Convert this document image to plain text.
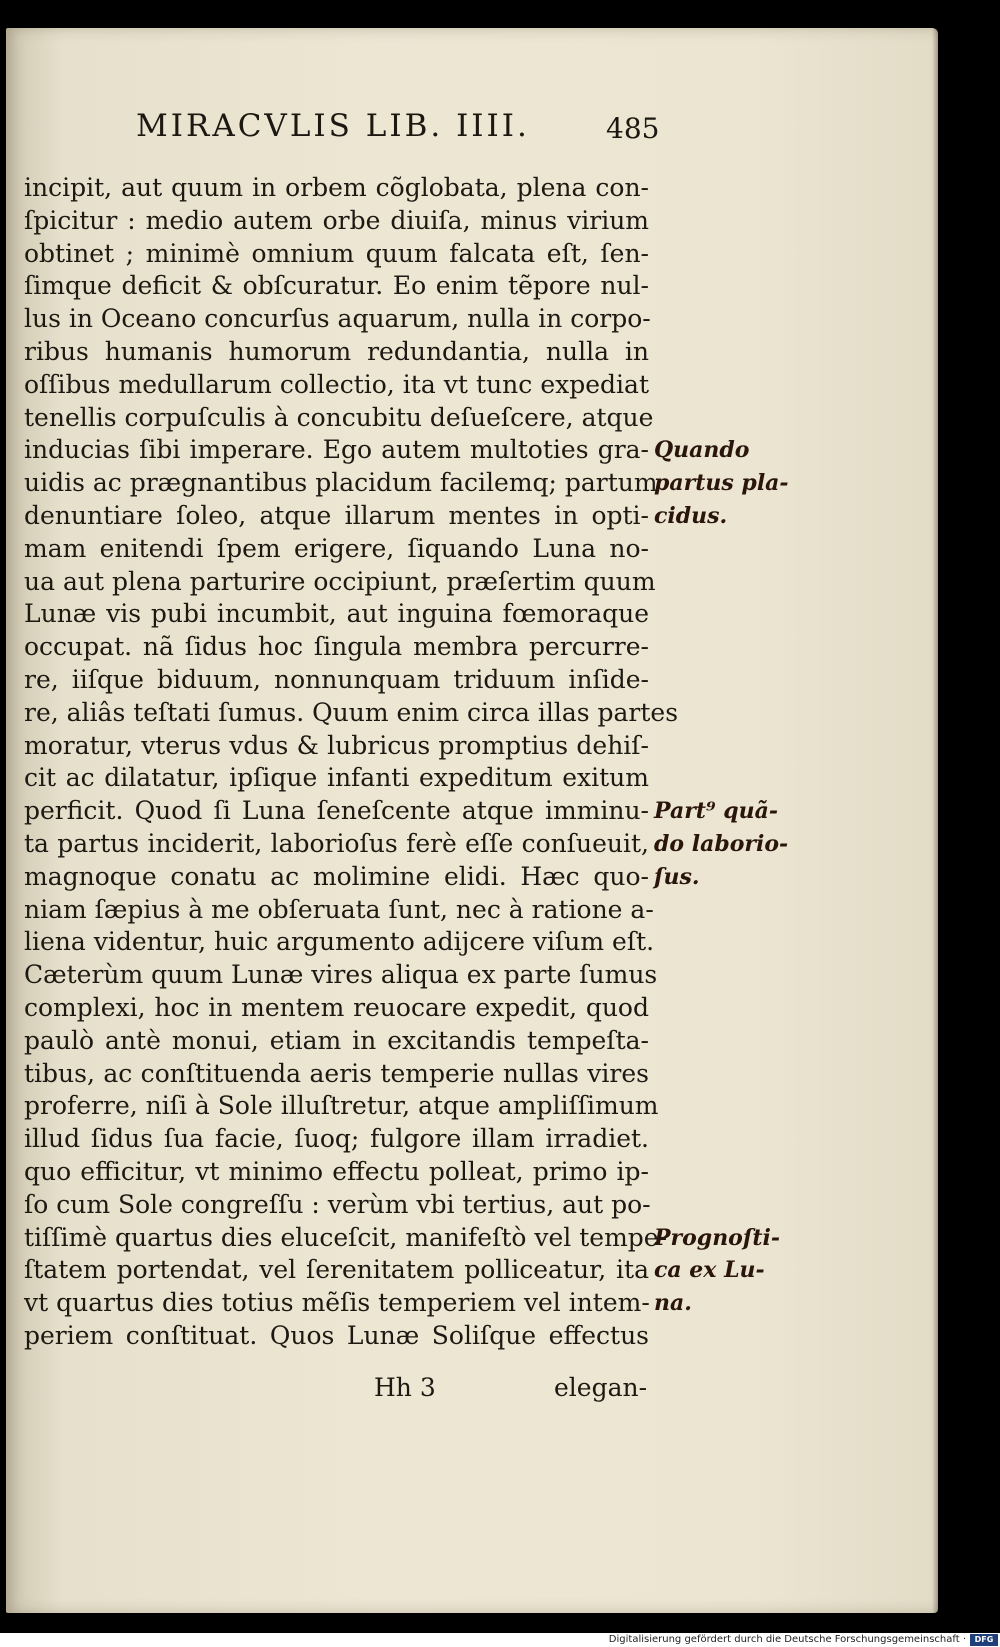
MIRACVLIS LIB. IIII.	485
incipit, aut quum in orbem cõglobata, plena con-
ſpicitur : medio autem orbe diuiſa, minus virium
obtinet ; minimè omnium quum falcata eſt, ſen-
ſimque deficit & obſcuratur. Eo enim tẽpore nul-
lus in Oceano concurſus aquarum, nulla in corpo-
ribus humanis humorum redundantia, nulla in
oſſibus medullarum collectio, ita vt tunc expediat
tenellis corpuſculis à concubitu deſueſcere, atque
inducias ſibi imperare. Ego autem multoties gra-
uidis ac prægnantibus placidum facilemq; partum
denuntiare ſoleo, atque illarum mentes in opti-
mam enitendi ſpem erigere, ſiquando Luna no-
ua aut plena parturire occipiunt, præſertim quum
Lunæ vis pubi incumbit, aut inguina fœmoraque
occupat. nã ſidus hoc ſingula membra percurre-
re, iiſque biduum, nonnunquam triduum inſide-
re, aliâs teſtati ſumus. Quum enim circa illas partes
moratur, vterus vdus & lubricus promptius dehiſ-
cit ac dilatatur, ipſique infanti expeditum exitum
perficit. Quod ſi Luna ſeneſcente atque imminu-
ta partus inciderit, laborioſus ferè eſſe conſueuit,
magnoque conatu ac molimine elidi. Hæc quo-
niam ſæpius à me obſeruata ſunt, nec à ratione a-
liena videntur, huic argumento adijcere viſum eſt.
Cæterùm quum Lunæ vires aliqua ex parte ſumus
complexi, hoc in mentem reuocare expedit, quod
paulò antè monui, etiam in excitandis tempeſta-
tibus, ac conſtituenda aeris temperie nullas vires
proferre, niſi à Sole illuſtretur, atque ampliſſimum
illud ſidus ſua facie, ſuoq; fulgore illam irradiet.
quo efficitur, vt minimo effectu polleat, primo ip-
ſo cum Sole congreſſu : verùm vbi tertius, aut po-
tiſſimè quartus dies eluceſcit, manifeſtò vel tempe-
ſtatem portendat, vel ſerenitatem polliceatur, ita
vt quartus dies totius mẽſis temperiem vel intem-
periem conſtituat. Quos Lunæ Soliſque effectus
Quando
partus pla-
cidus.
Part⁹ quã-
do laborio-
ſus.
Prognoſti-
ca ex Lu-
na.
Hh 3	elegan-
Digitalisierung gefördert durch die Deutsche Forschungsgemeinschaft ·	DFG
